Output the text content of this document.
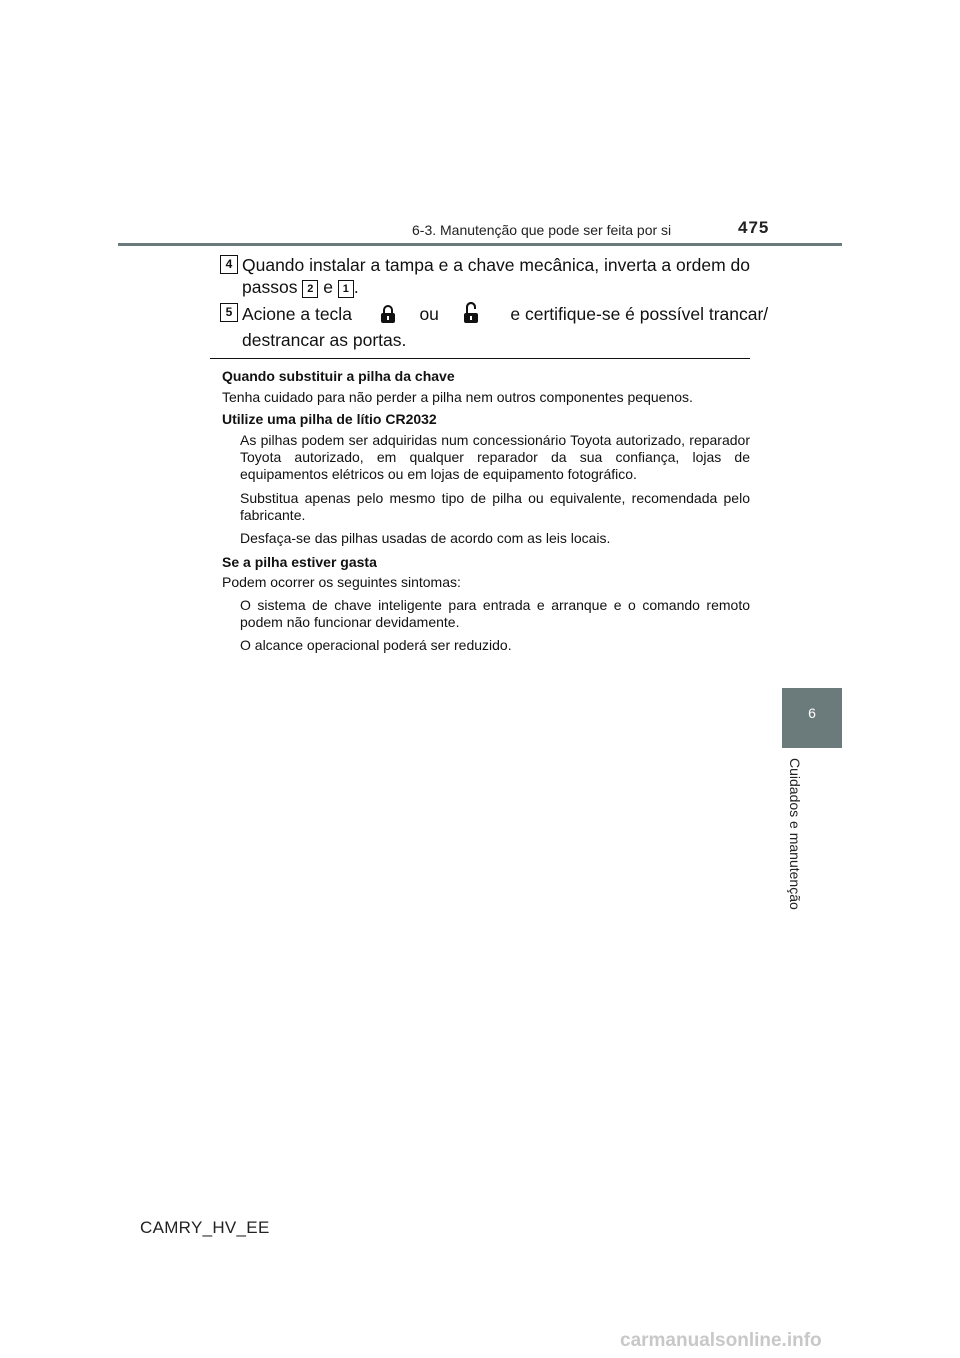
6-3. Manutenção que pode ser feita por si	475
6
Cuidados e manutenção
4 Quando instalar a tampa e a chave mecânica, inverta a ordem do
passos 2 e 1 .
5 Acione a tecla	ou	e certifique-se é possível trancar/
destrancar as portas.
Quando substituir a pilha da chave
Tenha cuidado para não perder a pilha nem outros componentes pequenos.
Utilize uma pilha de lítio CR2032
As pilhas podem ser adquiridas num concessionário Toyota autorizado, reparador Toyota autorizado, em qualquer reparador da sua confiança, lojas de equipamentos elétricos ou em lojas de equipamento fotográfico.
Substitua apenas pelo mesmo tipo de pilha ou equivalente, recomendada pelo fabricante.
Desfaça-se das pilhas usadas de acordo com as leis locais.
Se a pilha estiver gasta
Podem ocorrer os seguintes sintomas:
O sistema de chave inteligente para entrada e arranque e o comando remoto podem não funcionar devidamente.
O alcance operacional poderá ser reduzido.
CAMRY_HV_EE
carmanualsonline.info
